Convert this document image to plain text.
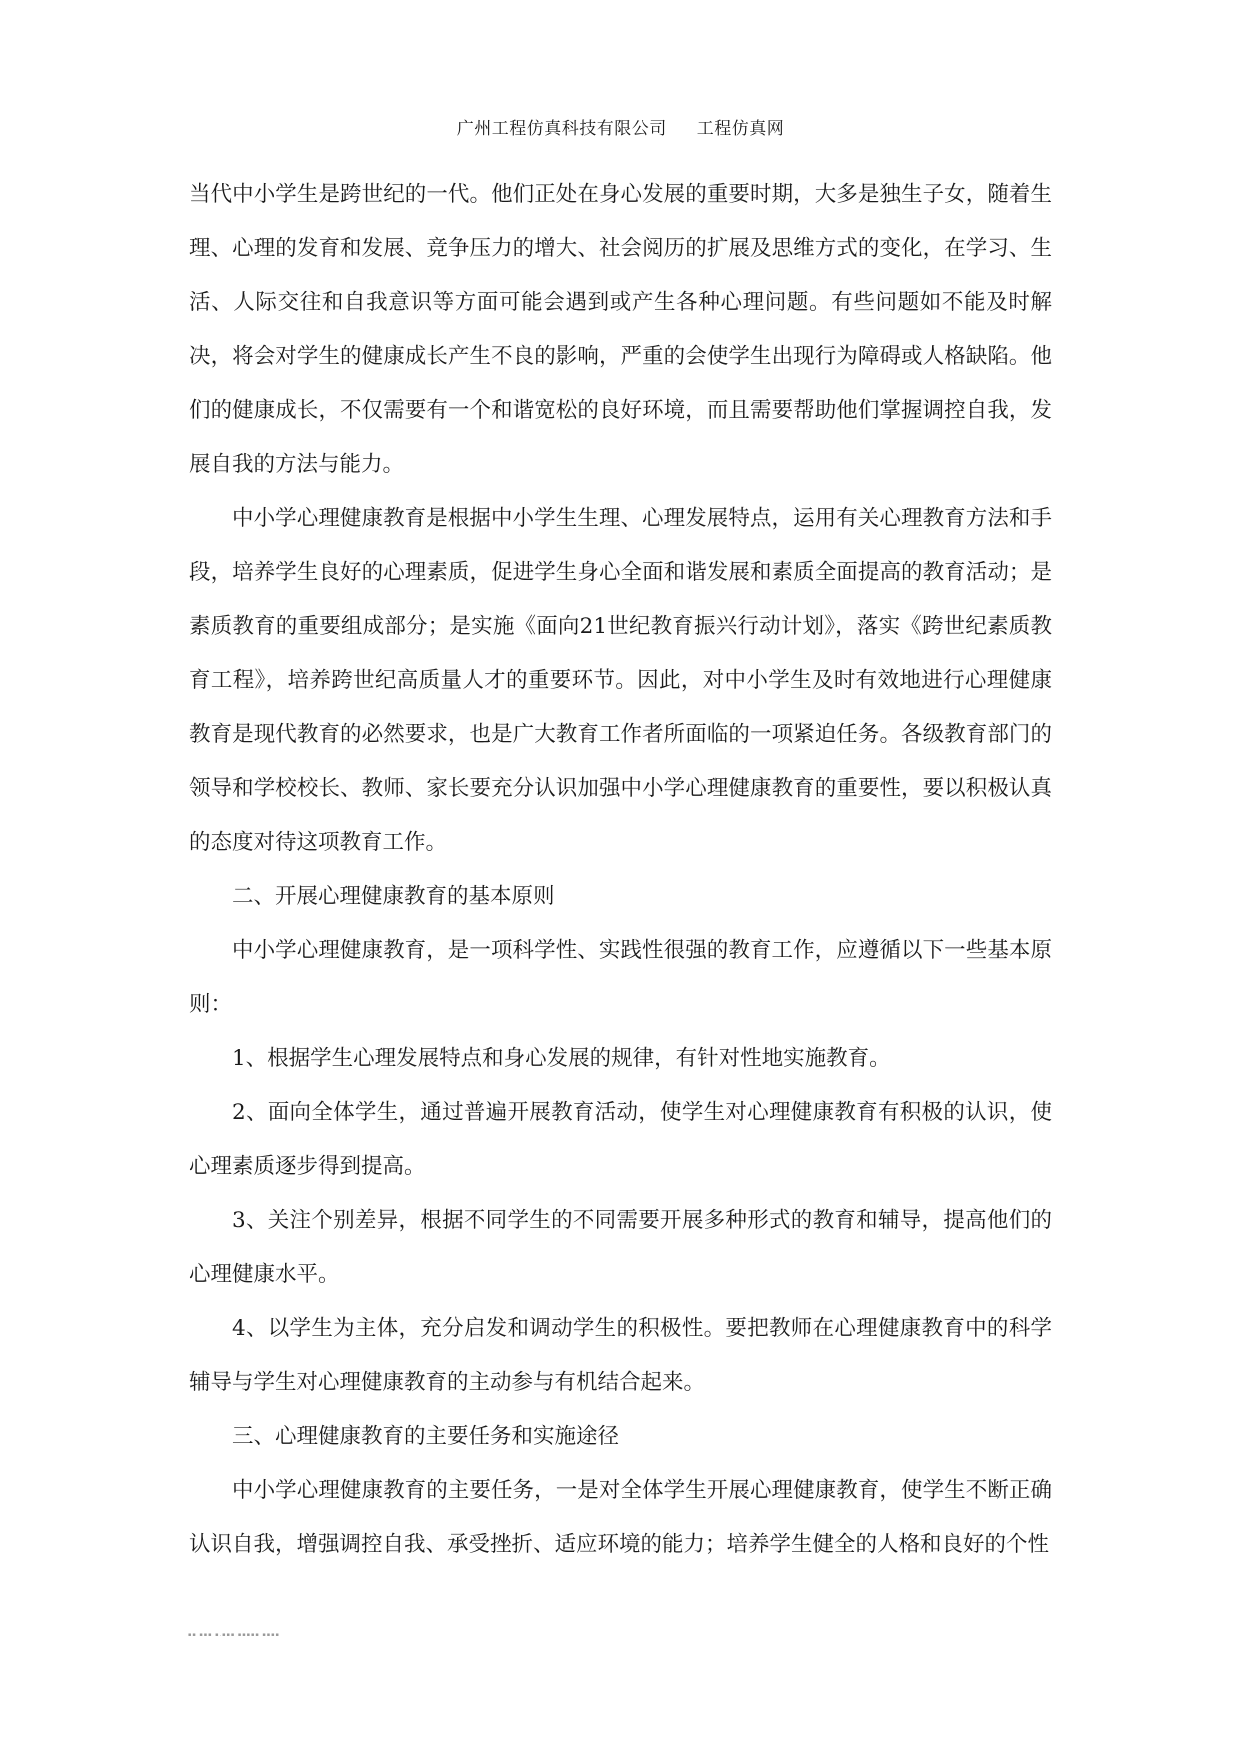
广州工程仿真科技有限公司 工程仿真网

当代中小学生是跨世纪的一代。他们正处在身心发展的重要时期，大多是独生子女，随着生理、心理的发育和发展、竞争压力的增大、社会阅历的扩展及思维方式的变化，在学习、生活、人际交往和自我意识等方面可能会遇到或产生各种心理问题。有些问题如不能及时解决，将会对学生的健康成长产生不良的影响，严重的会使学生出现行为障碍或人格缺陷。他们的健康成长，不仅需要有一个和谐宽松的良好环境，而且需要帮助他们掌握调控自我，发展自我的方法与能力。

中小学心理健康教育是根据中小学生生理、心理发展特点，运用有关心理教育方法和手段，培养学生良好的心理素质，促进学生身心全面和谐发展和素质全面提高的教育活动；是素质教育的重要组成部分；是实施《面向21世纪教育振兴行动计划》，落实《跨世纪素质教育工程》，培养跨世纪高质量人才的重要环节。因此，对中小学生及时有效地进行心理健康教育是现代教育的必然要求，也是广大教育工作者所面临的一项紧迫任务。各级教育部门的领导和学校校长、教师、家长要充分认识加强中小学心理健康教育的重要性，要以积极认真的态度对待这项教育工作。

二、开展心理健康教育的基本原则

中小学心理健康教育，是一项科学性、实践性很强的教育工作，应遵循以下一些基本原则：

1、根据学生心理发展特点和身心发展的规律，有针对性地实施教育。

2、面向全体学生，通过普遍开展教育活动，使学生对心理健康教育有积极的认识，使心理素质逐步得到提高。

3、关注个别差异，根据不同学生的不同需要开展多种形式的教育和辅导，提高他们的心理健康水平。

4、以学生为主体，充分启发和调动学生的积极性。要把教师在心理健康教育中的科学辅导与学生对心理健康教育的主动参与有机结合起来。

三、心理健康教育的主要任务和实施途径

中小学心理健康教育的主要任务，一是对全体学生开展心理健康教育，使学生不断正确认识自我，增强调控自我、承受挫折、适应环境的能力；培养学生健全的人格和良好的个性

▪▪ ▪▪▪ ▪.▪▪▪ ▪▪▪▪▪ ▪▪▪▪
